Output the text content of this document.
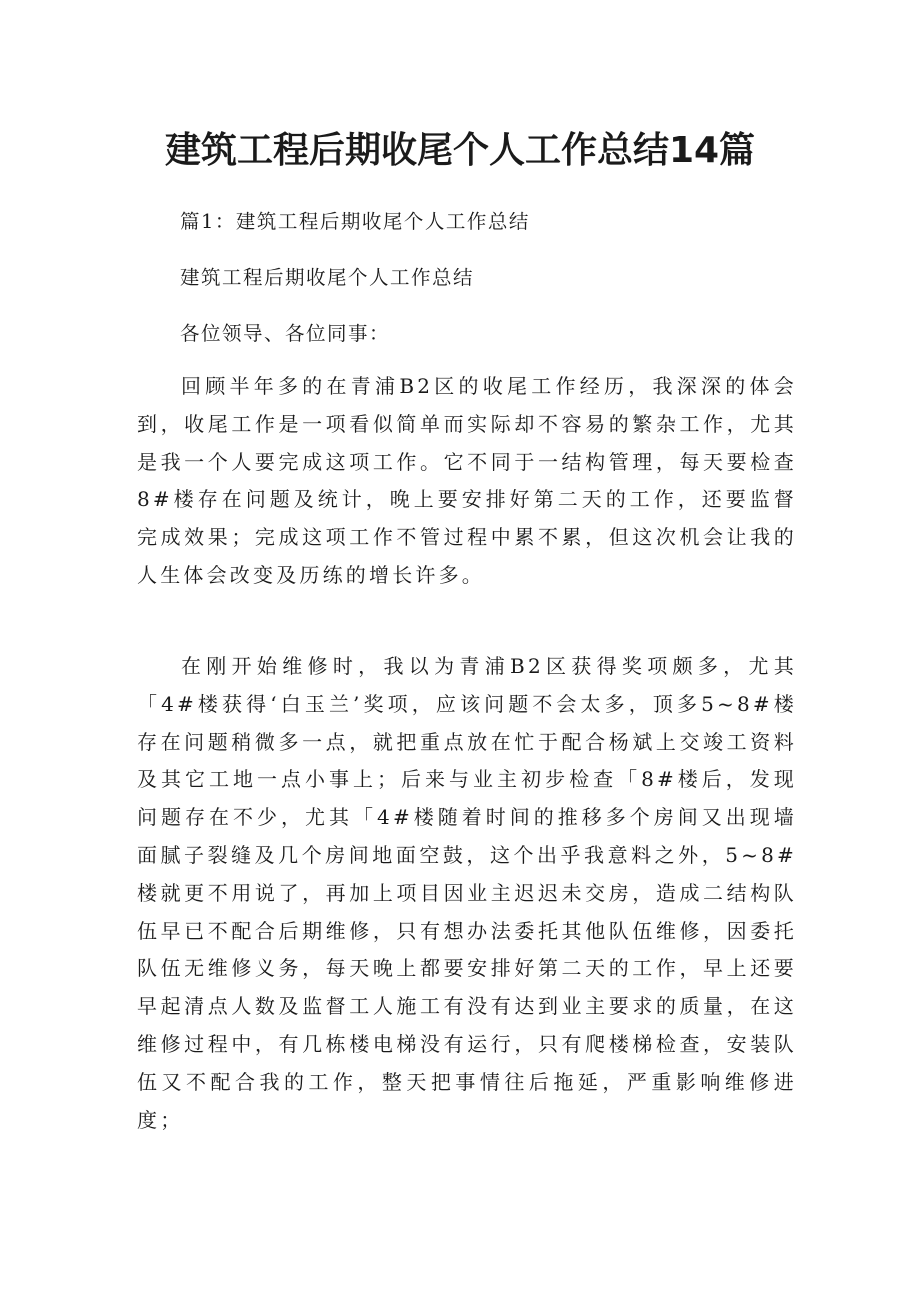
建筑工程后期收尾个人工作总结14篇

篇1：建筑工程后期收尾个人工作总结

建筑工程后期收尾个人工作总结

各位领导、各位同事：

回顾半年多的在青浦B2区的收尾工作经历，我深深的体会到，收尾工作是一项看似简单而实际却不容易的繁杂工作，尤其是我一个人要完成这项工作。它不同于一结构管理，每天要检查8#楼存在问题及统计，晚上要安排好第二天的工作，还要监督完成效果；完成这项工作不管过程中累不累，但这次机会让我的人生体会改变及历练的增长许多。

在刚开始维修时，我以为青浦B2区获得奖项颇多，尤其「4#楼获得‘白玉兰’奖项，应该问题不会太多，顶多5~8#楼存在问题稍微多一点，就把重点放在忙于配合杨斌上交竣工资料及其它工地一点小事上；后来与业主初步检查「8#楼后，发现问题存在不少，尤其「4#楼随着时间的推移多个房间又出现墙面腻子裂缝及几个房间地面空鼓，这个出乎我意料之外，5~8#楼就更不用说了，再加上项目因业主迟迟未交房，造成二结构队伍早已不配合后期维修，只有想办法委托其他队伍维修，因委托队伍无维修义务，每天晚上都要安排好第二天的工作，早上还要早起清点人数及监督工人施工有没有达到业主要求的质量，在这维修过程中，有几栋楼电梯没有运行，只有爬楼梯检查，安装队伍又不配合我的工作，整天把事情往后拖延，严重影响维修进度；
